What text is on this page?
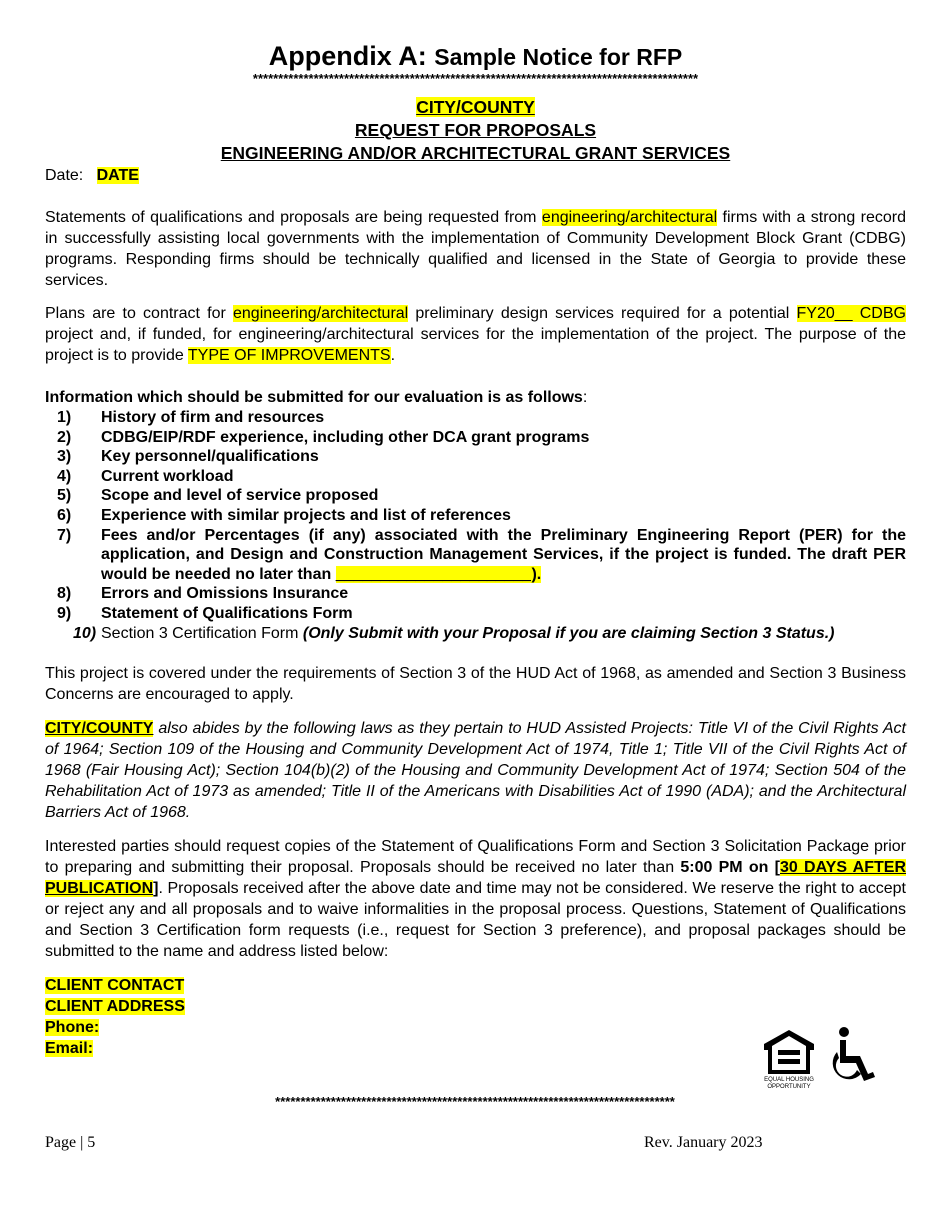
Appendix A: Sample Notice for RFP
****************************************************************************************
CITY/COUNTY
REQUEST FOR PROPOSALS
ENGINEERING AND/OR ARCHITECTURAL GRANT SERVICES

Date: DATE

Statements of qualifications and proposals are being requested from engineering/architectural firms with a strong record in successfully assisting local governments with the implementation of Community Development Block Grant (CDBG) programs. Responding firms should be technically qualified and licensed in the State of Georgia to provide these services.

Plans are to contract for engineering/architectural preliminary design services required for a potential FY20__ CDBG project and, if funded, for engineering/architectural services for the implementation of the project. The purpose of the project is to provide TYPE OF IMPROVEMENTS.

Information which should be submitted for our evaluation is as follows:

1)	History of firm and resources
2)	CDBG/EIP/RDF experience, including other DCA grant programs
3)	Key personnel/qualifications
4)	Current workload
5)	Scope and level of service proposed
6)	Experience with similar projects and list of references
7)	Fees and/or Percentages (if any) associated with the Preliminary Engineering Report (PER) for the application, and Design and Construction Management Services, if the project is funded. The draft PER would be needed no later than ______________________).
8)	Errors and Omissions Insurance
9)	Statement of Qualifications Form
10) Section 3 Certification Form (Only Submit with your Proposal if you are claiming Section 3 Status.)

This project is covered under the requirements of Section 3 of the HUD Act of 1968, as amended and Section 3 Business Concerns are encouraged to apply.

CITY/COUNTY also abides by the following laws as they pertain to HUD Assisted Projects: Title VI of the Civil Rights Act of 1964; Section 109 of the Housing and Community Development Act of 1974, Title 1; Title VII of the Civil Rights Act of 1968 (Fair Housing Act); Section 104(b)(2) of the Housing and Community Development Act of 1974; Section 504 of the Rehabilitation Act of 1973 as amended; Title II of the Americans with Disabilities Act of 1990 (ADA); and the Architectural Barriers Act of 1968.

Interested parties should request copies of the Statement of Qualifications Form and Section 3 Solicitation Package prior to preparing and submitting their proposal. Proposals should be received no later than 5:00 PM on [30 DAYS AFTER PUBLICATION]. Proposals received after the above date and time may not be considered. We reserve the right to accept or reject any and all proposals and to waive informalities in the proposal process. Questions, Statement of Qualifications and Section 3 Certification form requests (i.e., request for Section 3 preference), and proposal packages should be submitted to the name and address listed below:

CLIENT CONTACT
CLIENT ADDRESS
Phone:
Email:
EQUAL HOUSING
OPPORTUNITY
*******************************************************************************
Page | 5	Rev. January 2023
